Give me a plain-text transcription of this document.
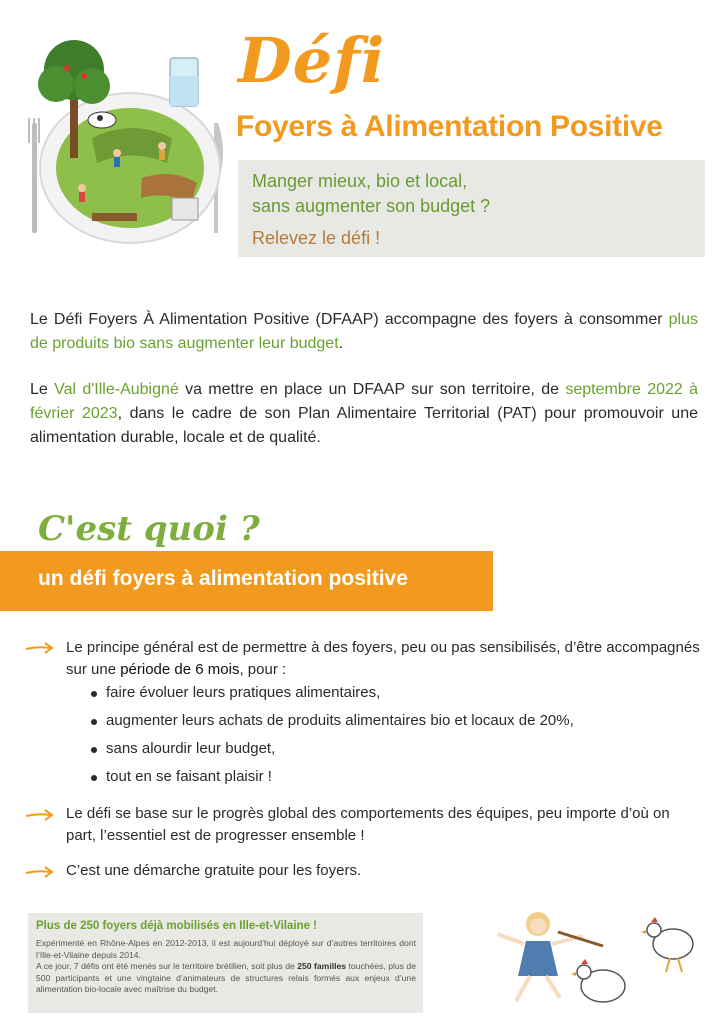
Défi
Foyers à Alimentation Positive
Manger mieux, bio et local,
sans augmenter son budget ?
Relevez le défi !
Le Défi Foyers À Alimentation Positive (DFAAP) accompagne des foyers à consommer plus de produits bio sans augmenter leur budget.
Le Val d'Ille-Aubigné va mettre en place un DFAAP sur son territoire, de septembre 2022 à février 2023, dans le cadre de son Plan Alimentaire Territorial (PAT) pour promouvoir une alimentation durable, locale et de qualité.
C'est quoi ?
un défi foyers à alimentation positive
Le principe général est de permettre à des foyers, peu ou pas sensibilisés, d’être accompagnés sur une période de 6 mois, pour :
faire évoluer leurs pratiques alimentaires,
augmenter leurs achats de produits alimentaires bio et locaux de 20%,
sans alourdir leur budget,
tout en se faisant plaisir !
Le défi se base sur le progrès global des comportements des équipes, peu importe d’où on part, l’essentiel est de progresser ensemble !
C’est une démarche gratuite pour les foyers.
Plus de 250 foyers déjà mobilisés en Ille-et-Vilaine !
Expérimenté en Rhône-Alpes en 2012-2013, il est aujourd’hui déployé sur d’autres territoires dont l’Ille-et-Vilaine depuis 2014.
A ce jour, 7 défis ont été menés sur le territoire brétilien, soit plus de 250 familles touchées, plus de 500 participants et une vingtaine d’animateurs de structures relais formés aux enjeux d’une alimentation bio-locale avec maîtrise du budget.
